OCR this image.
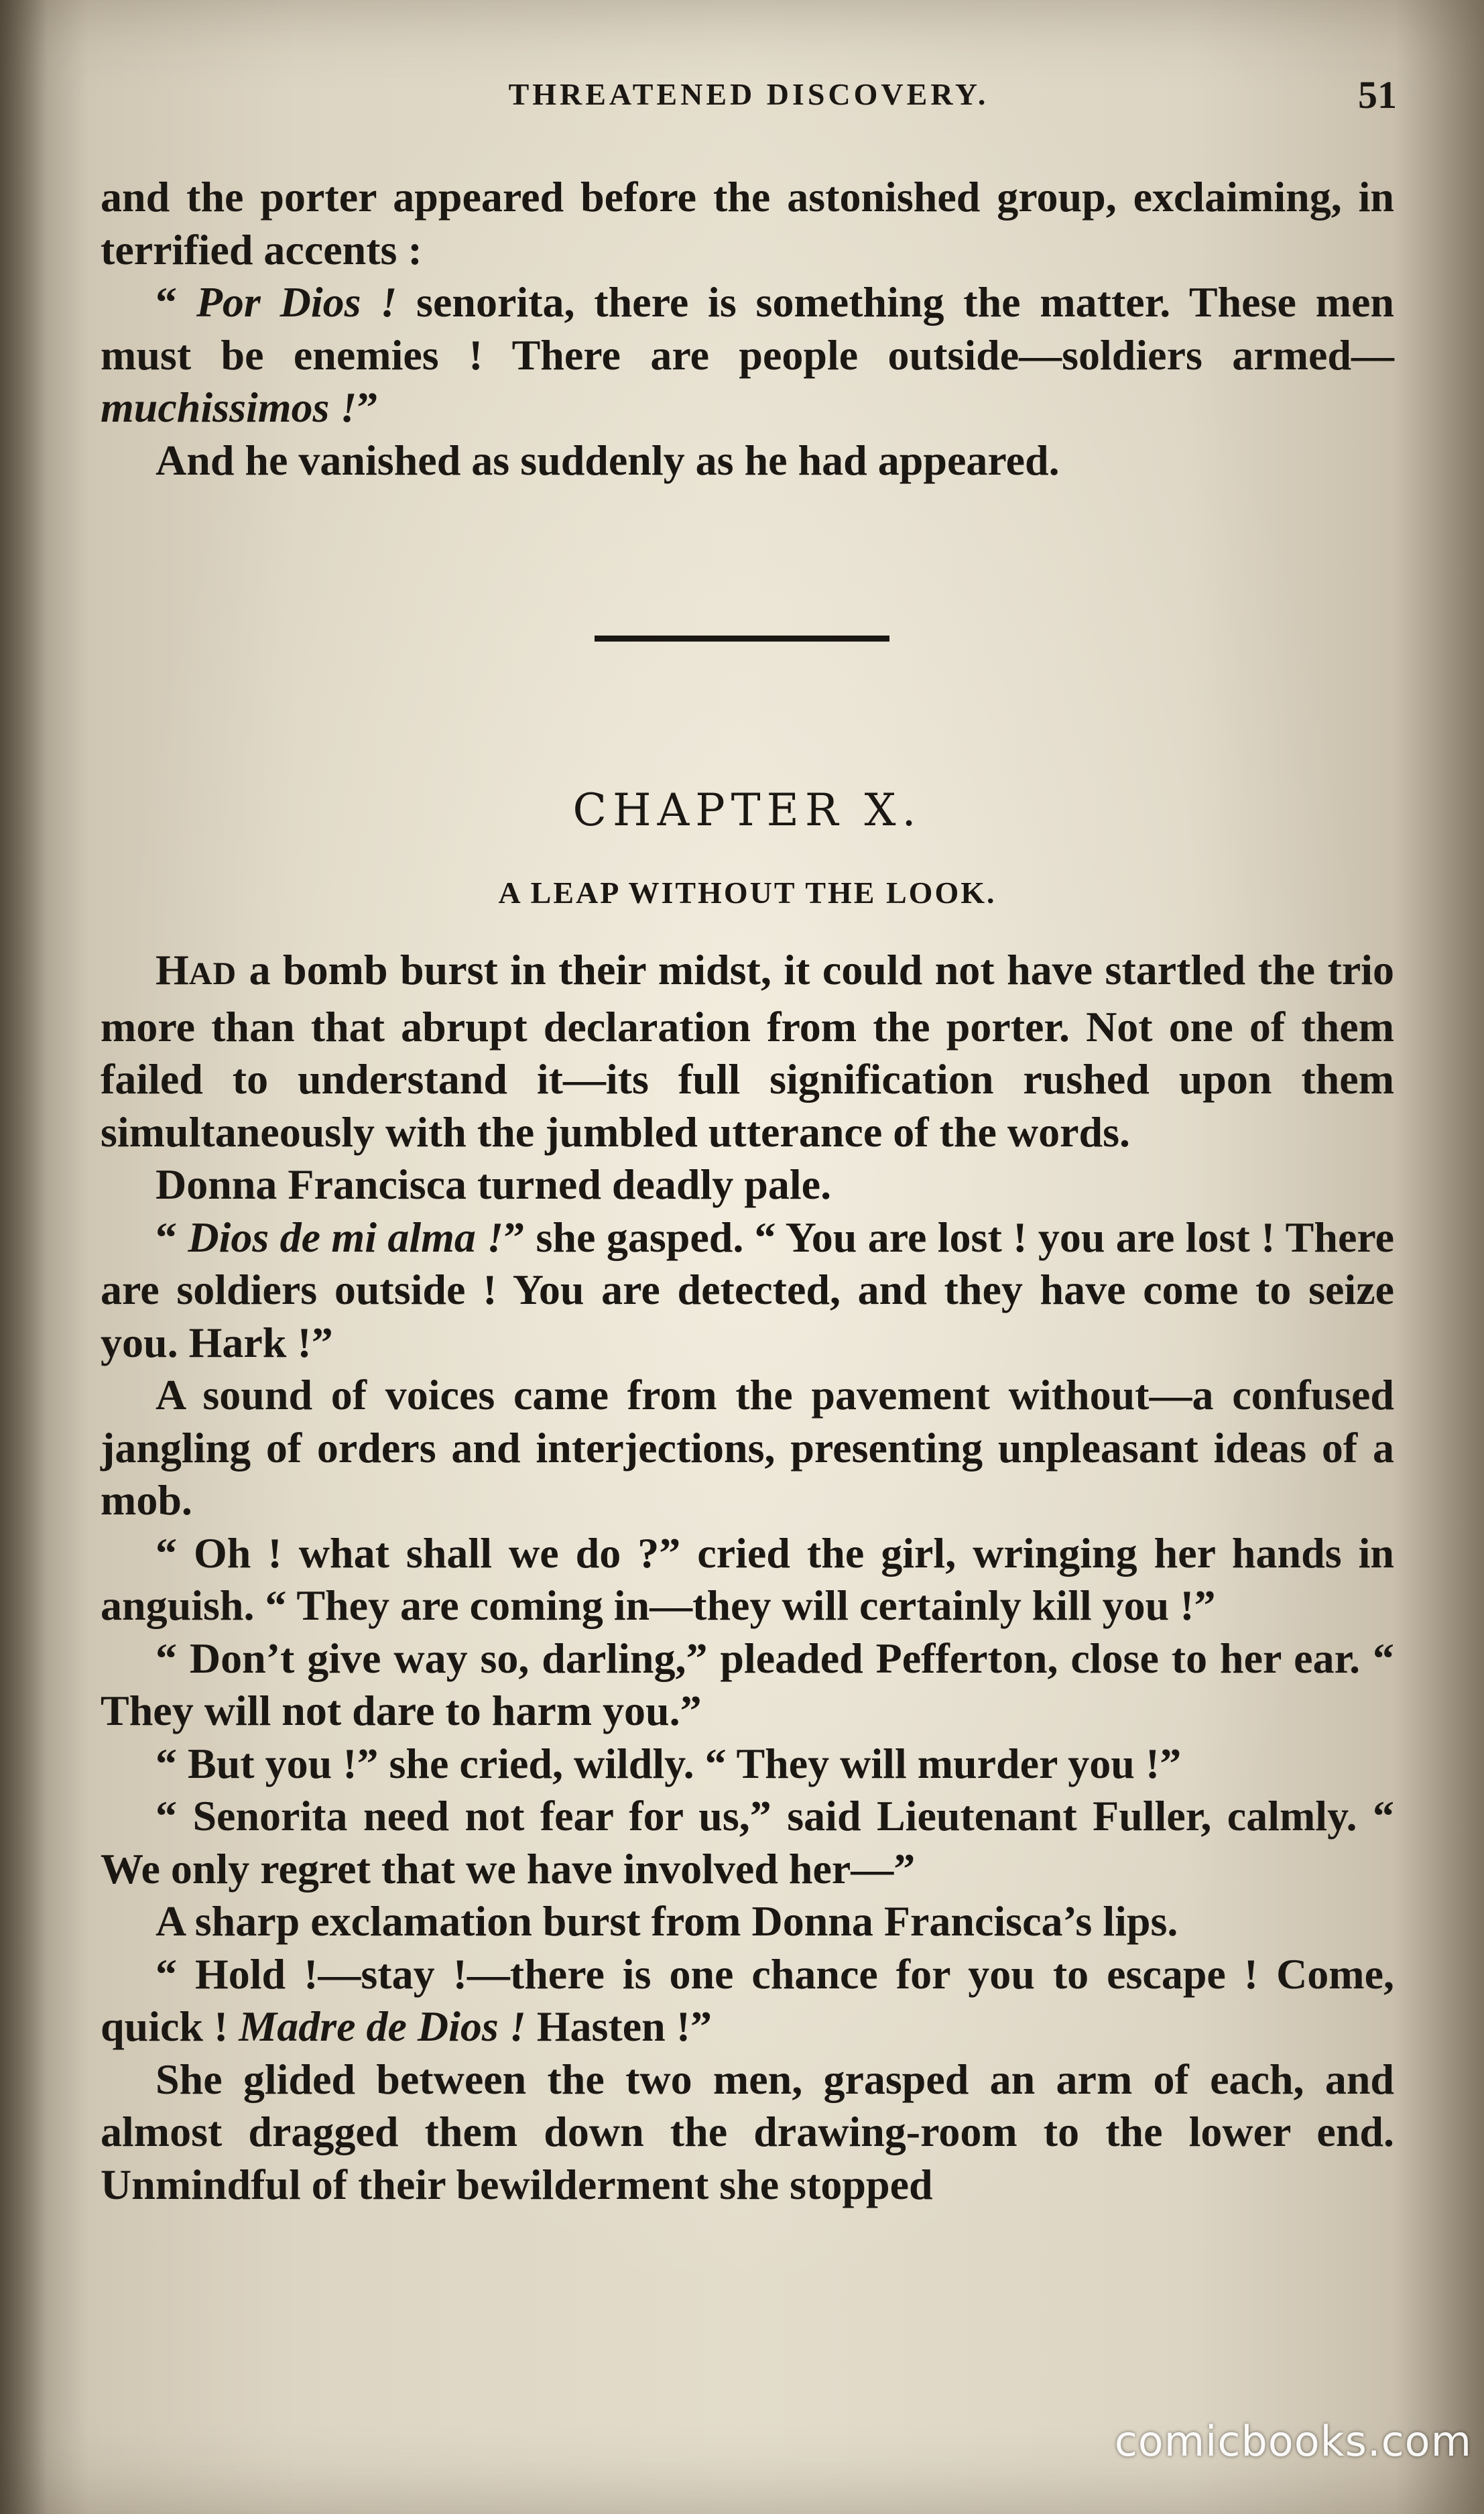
THREATENED DISCOVERY.	51

and the porter appeared before the astonished group, exclaiming, in terrified accents :

“ Por Dios ! senorita, there is something the matter. These men must be enemies ! There are people outside—soldiers armed—muchissimos !”

And he vanished as suddenly as he had appeared.

CHAPTER X.
A LEAP WITHOUT THE LOOK.

HAD a bomb burst in their midst, it could not have startled the trio more than that abrupt declaration from the porter. Not one of them failed to understand it—its full signification rushed upon them simultaneously with the jumbled utterance of the words.

Donna Francisca turned deadly pale.

“ Dios de mi alma !” she gasped. “ You are lost ! you are lost ! There are soldiers outside ! You are detected, and they have come to seize you. Hark !”

A sound of voices came from the pavement without—a confused jangling of orders and interjections, presenting unpleasant ideas of a mob.

“ Oh ! what shall we do ?” cried the girl, wringing her hands in anguish. “ They are coming in—they will certainly kill you !”

“ Don’t give way so, darling,” pleaded Pefferton, close to her ear. “ They will not dare to harm you.”

“ But you !” she cried, wildly. “ They will murder you !”

“ Senorita need not fear for us,” said Lieutenant Fuller, calmly. “ We only regret that we have involved her—”

A sharp exclamation burst from Donna Francisca’s lips.

“ Hold !—stay !—there is one chance for you to escape ! Come, quick ! Madre de Dios ! Hasten !”

She glided between the two men, grasped an arm of each, and almost dragged them down the drawing-room to the lower end. Unmindful of their bewilderment she stopped

comicbooks.com
